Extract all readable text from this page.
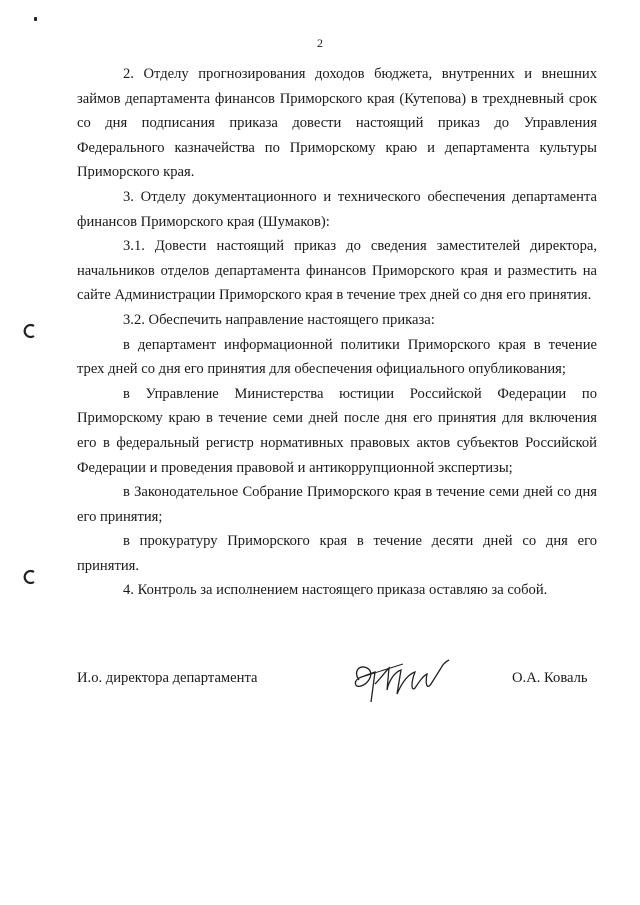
2

2. Отделу прогнозирования доходов бюджета, внутренних и внешних займов департамента финансов Приморского края (Кутепова) в трехдневный срок со дня подписания приказа довести настоящий приказ до Управления Федерального казначейства по Приморскому краю и департамента культуры Приморского края.

3. Отделу документационного и технического обеспечения департамента финансов Приморского края (Шумаков):

3.1. Довести настоящий приказ до сведения заместителей директора, начальников отделов департамента финансов Приморского края и разместить на сайте Администрации Приморского края в течение трех дней со дня его принятия.

3.2. Обеспечить направление настоящего приказа:

в департамент информационной политики Приморского края в течение трех дней со дня его принятия для обеспечения официального опубликования;

в Управление Министерства юстиции Российской Федерации по Приморскому краю в течение семи дней после дня его принятия для включения его в федеральный регистр нормативных правовых актов субъектов Российской Федерации и проведения правовой и антикоррупционной экспертизы;

в Законодательное Собрание Приморского края в течение семи дней со дня его принятия;

в прокуратуру Приморского края в течение десяти дней со дня его принятия.

4. Контроль за исполнением настоящего приказа оставляю за собой.

И.о. директора департамента	О.А. Коваль
